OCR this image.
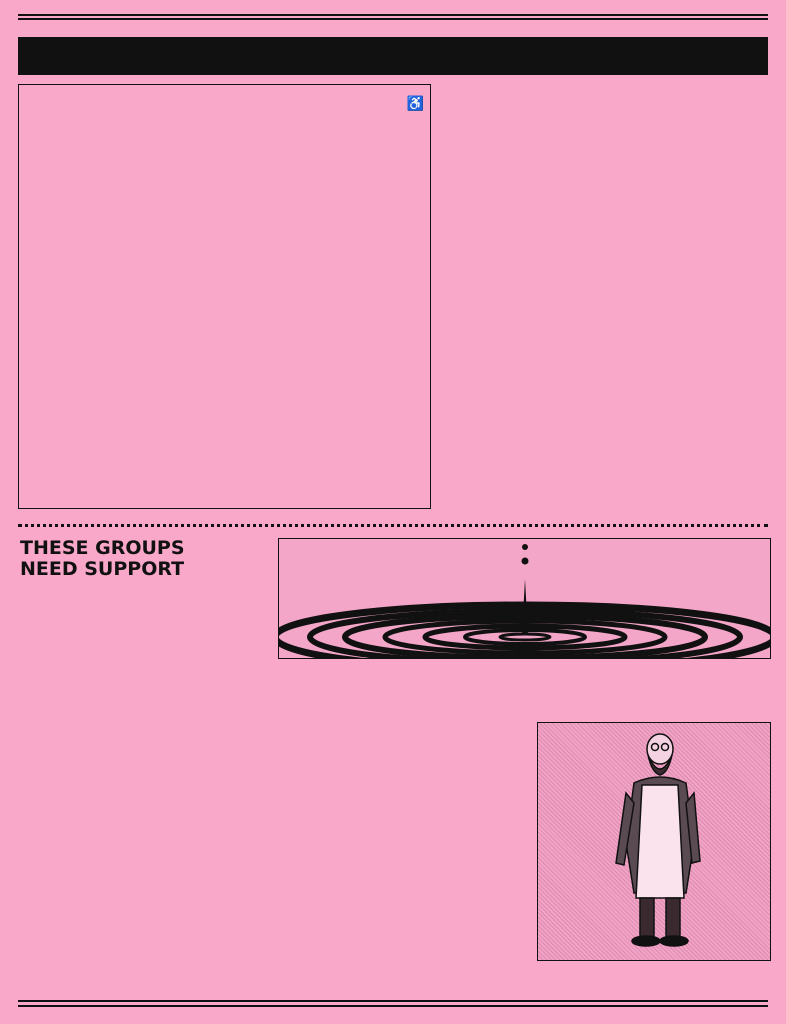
♿
THESE GROUPS
NEED SUPPORT
